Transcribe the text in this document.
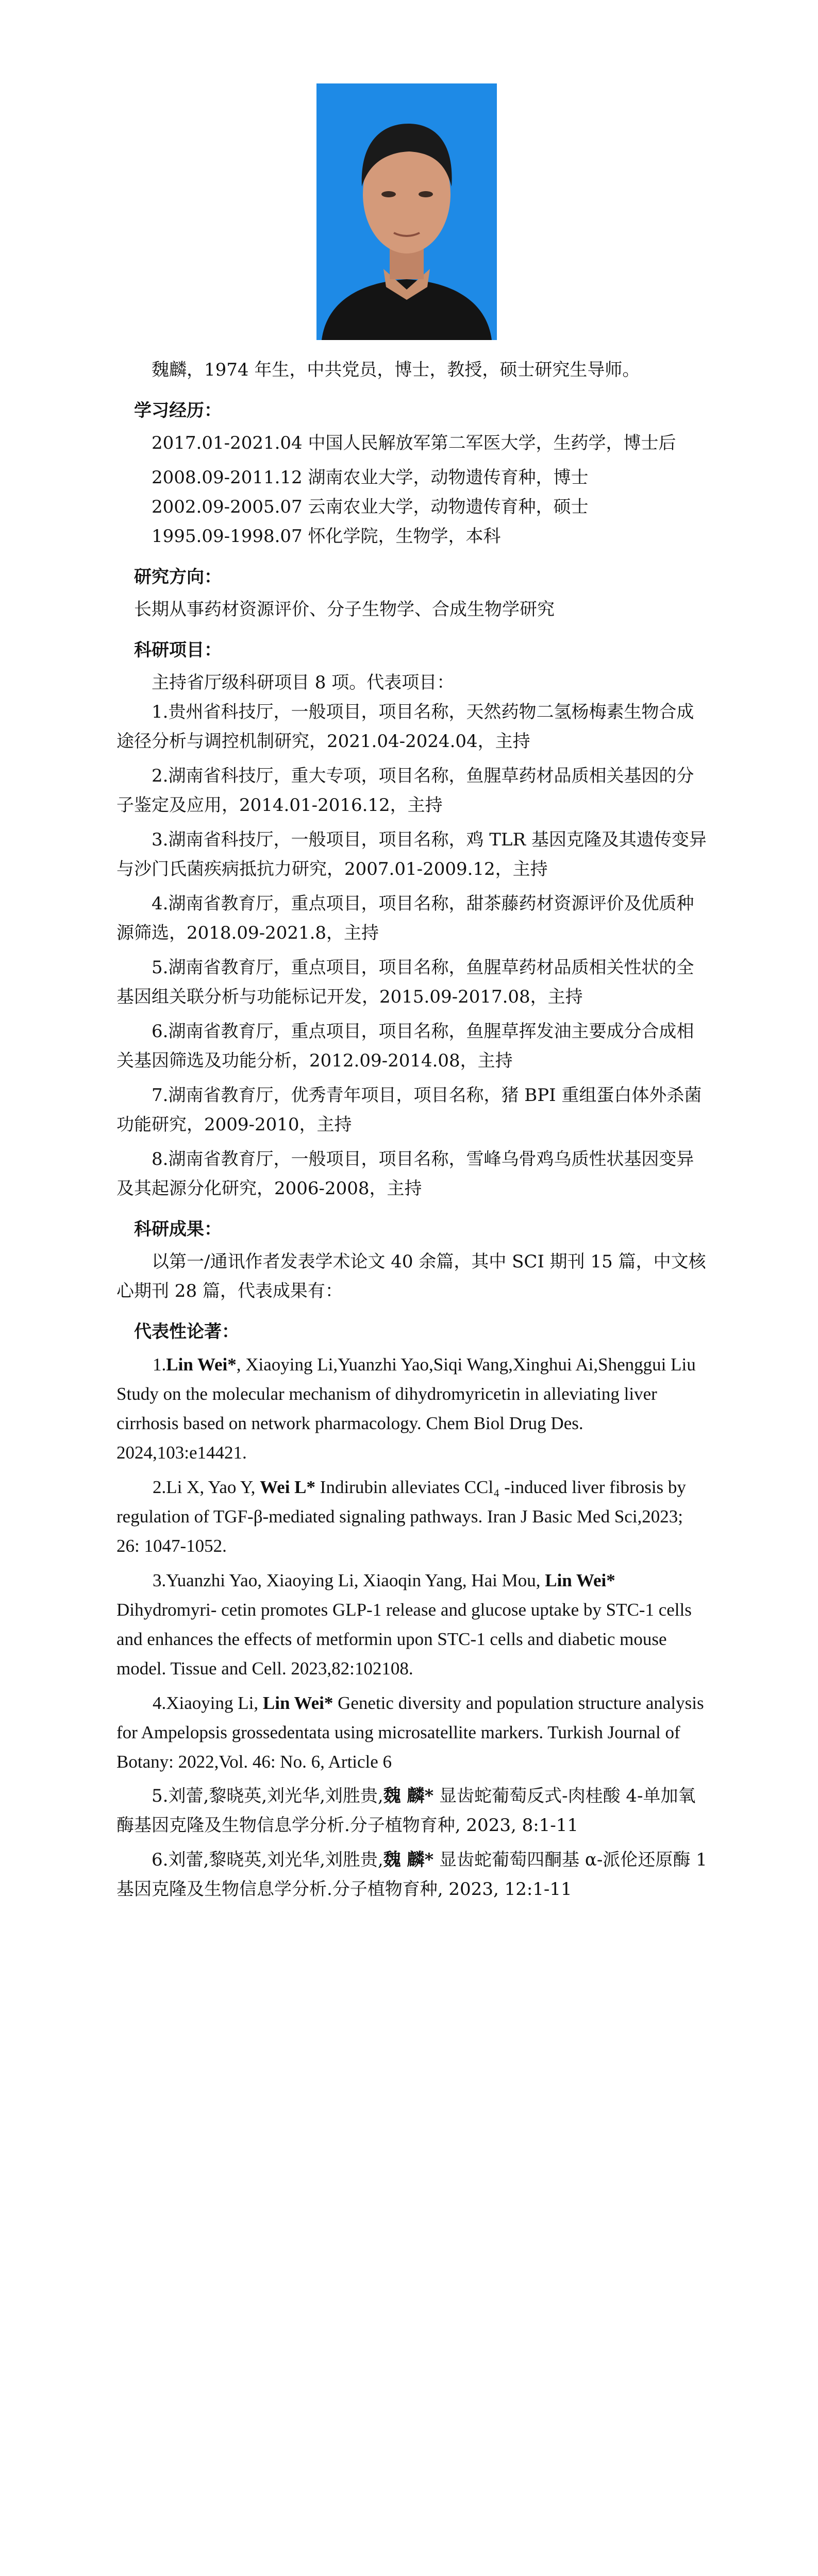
魏麟，1974 年生，中共党员，博士，教授，硕士研究生导师。

学习经历：

2017.01-2021.04 中国人民解放军第二军医大学，生药学，博士后

2008.09-2011.12 湖南农业大学，动物遗传育种，博士

2002.09-2005.07 云南农业大学，动物遗传育种，硕士

1995.09-1998.07 怀化学院，生物学，本科

研究方向：

长期从事药材资源评价、分子生物学、合成生物学研究

科研项目：

主持省厅级科研项目 8 项。代表项目：

1.贵州省科技厅，一般项目，项目名称，天然药物二氢杨梅素生物合成途径分析与调控机制研究，2021.04-2024.04，主持

2.湖南省科技厅，重大专项，项目名称，鱼腥草药材品质相关基因的分子鉴定及应用，2014.01-2016.12，主持

3.湖南省科技厅，一般项目，项目名称，鸡 TLR 基因克隆及其遗传变异与沙门氏菌疾病抵抗力研究，2007.01-2009.12，主持

4.湖南省教育厅，重点项目，项目名称，甜茶藤药材资源评价及优质种源筛选，2018.09-2021.8，主持

5.湖南省教育厅，重点项目，项目名称，鱼腥草药材品质相关性状的全基因组关联分析与功能标记开发，2015.09-2017.08，主持

6.湖南省教育厅，重点项目，项目名称，鱼腥草挥发油主要成分合成相关基因筛选及功能分析，2012.09-2014.08，主持

7.湖南省教育厅，优秀青年项目，项目名称，猪 BPI 重组蛋白体外杀菌功能研究，2009-2010，主持

8.湖南省教育厅，一般项目，项目名称，雪峰乌骨鸡乌质性状基因变异及其起源分化研究，2006-2008，主持

科研成果：

以第一/通讯作者发表学术论文 40 余篇，其中 SCI 期刊 15 篇，中文核心期刊 28 篇，代表成果有：

代表性论著：

1.Lin Wei*, Xiaoying Li,Yuanzhi Yao,Siqi Wang,Xinghui Ai,Shenggui Liu Study on the molecular mechanism of dihydromyricetin in alleviating liver cirrhosis based on network pharmacology. Chem Biol Drug Des. 2024,103:e14421.

2.Li X, Yao Y, Wei L* Indirubin alleviates CCl₄ -induced liver fibrosis by regulation of TGF-β-mediated signaling pathways. Iran J Basic Med Sci,2023; 26: 1047-1052.

3.Yuanzhi Yao, Xiaoying Li, Xiaoqin Yang, Hai Mou, Lin Wei* Dihydromyri- cetin promotes GLP-1 release and glucose uptake by STC-1 cells and enhances the effects of metformin upon STC-1 cells and diabetic mouse model. Tissue and Cell. 2023,82:102108.

4.Xiaoying Li, Lin Wei* Genetic diversity and population structure analysis for Ampelopsis grossedentata using microsatellite markers. Turkish Journal of Botany: 2022,Vol. 46: No. 6, Article 6

5.刘蕾,黎晓英,刘光华,刘胜贵,魏 麟* 显齿蛇葡萄反式-肉桂酸 4-单加氧酶基因克隆及生物信息学分析.分子植物育种, 2023, 8:1-11

6.刘蕾,黎晓英,刘光华,刘胜贵,魏 麟* 显齿蛇葡萄四酮基 α-派伦还原酶 1 基因克隆及生物信息学分析.分子植物育种, 2023, 12:1-11
